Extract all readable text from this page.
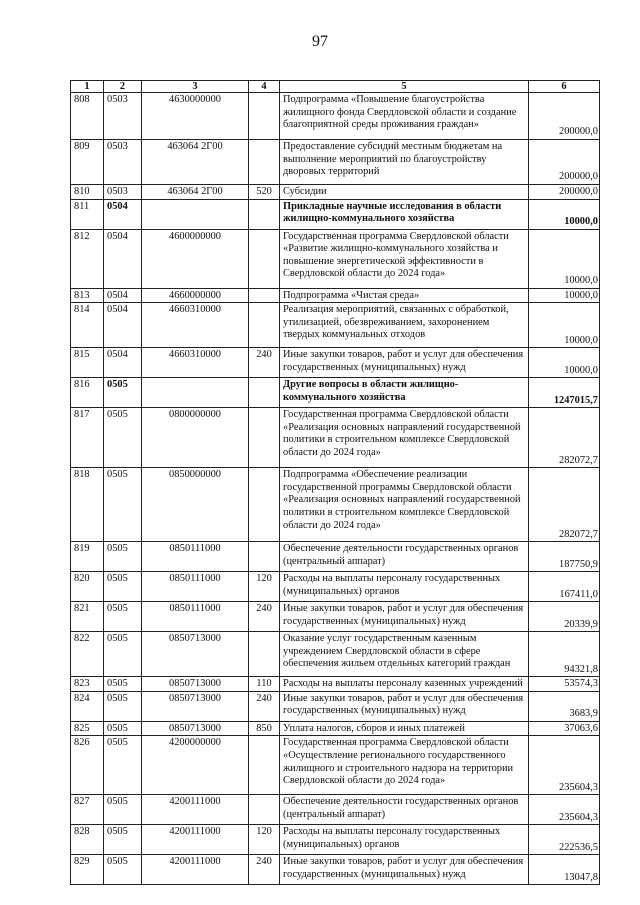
97
1	2	3	4	5	6
808	0503	4630000000		Подпрограмма «Повышение благоустройства жилищного фонда Свердловской области и создание благоприятной среды проживания граждан»	200000,0
809	0503	463064 2Г00		Предоставление субсидий местным бюджетам на выполнение мероприятий по благоустройству дворовых территорий	200000,0
810	0503	463064 2Г00	520	Субсидии	200000,0
811	0504			Прикладные научные исследования в области жилищно-коммунального хозяйства	10000,0
812	0504	4600000000		Государственная программа Свердловской области «Развитие жилищно-коммунального хозяйства и повышение энергетической эффективности в Свердловской области до 2024 года»	10000,0
813	0504	4660000000		Подпрограмма «Чистая среда»	10000,0
814	0504	4660310000		Реализация мероприятий, связанных с обработкой, утилизацией, обезвреживанием, захоронением твердых коммунальных отходов	10000,0
815	0504	4660310000	240	Иные закупки товаров, работ и услуг для обеспечения государственных (муниципальных) нужд	10000,0
816	0505			Другие вопросы в области жилищно-коммунального хозяйства	1247015,7
817	0505	0800000000		Государственная программа Свердловской области «Реализация основных направлений государственной политики в строительном комплексе Свердловской области до 2024 года»	282072,7
818	0505	0850000000		Подпрограмма «Обеспечение реализации государственной программы Свердловской области «Реализация основных направлений государственной политики в строительном комплексе Свердловской области до 2024 года»	282072,7
819	0505	0850111000		Обеспечение деятельности государственных органов (центральный аппарат)	187750,9
820	0505	0850111000	120	Расходы на выплаты персоналу государственных (муниципальных) органов	167411,0
821	0505	0850111000	240	Иные закупки товаров, работ и услуг для обеспечения государственных (муниципальных) нужд	20339,9
822	0505	0850713000		Оказание услуг государственным казенным учреждением Свердловской области в сфере обеспечения жильем отдельных категорий граждан	94321,8
823	0505	0850713000	110	Расходы на выплаты персоналу казенных учреждений	53574,3
824	0505	0850713000	240	Иные закупки товаров, работ и услуг для обеспечения государственных (муниципальных) нужд	3683,9
825	0505	0850713000	850	Уплата налогов, сборов и иных платежей	37063,6
826	0505	4200000000		Государственная программа Свердловской области «Осуществление регионального государственного жилищного и строительного надзора на территории Свердловской области до 2024 года»	235604,3
827	0505	4200111000		Обеспечение деятельности государственных органов (центральный аппарат)	235604,3
828	0505	4200111000	120	Расходы на выплаты персоналу государственных (муниципальных) органов	222536,5
829	0505	4200111000	240	Иные закупки товаров, работ и услуг для обеспечения государственных (муниципальных) нужд	13047,8
